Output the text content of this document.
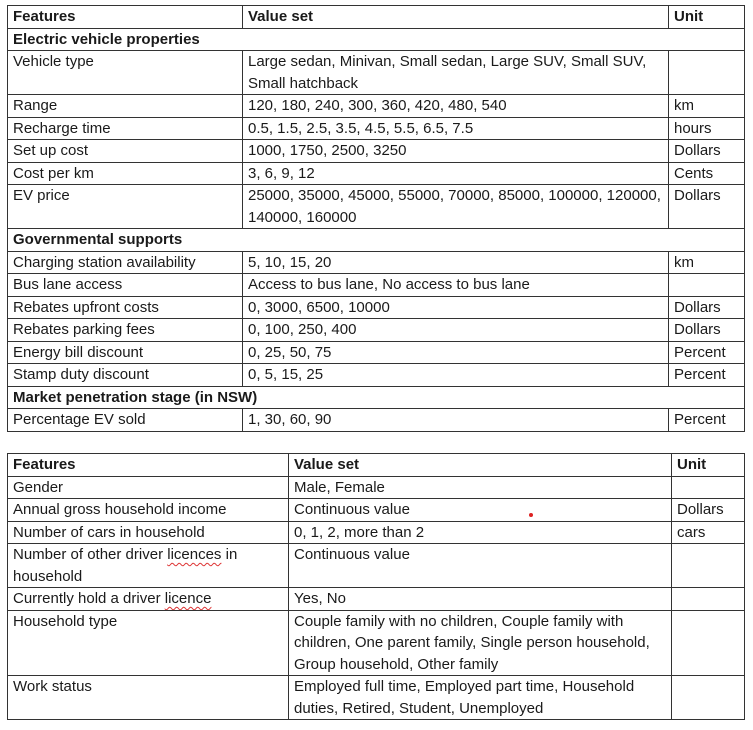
Features	Value set	Unit
Electric vehicle properties		
Vehicle type	Large sedan, Minivan, Small sedan, Large SUV, Small SUV, Small hatchback	
Range	120, 180, 240, 300, 360, 420, 480, 540	km
Recharge time	0.5, 1.5, 2.5, 3.5, 4.5, 5.5, 6.5, 7.5	hours
Set up cost	1000, 1750, 2500, 3250	Dollars
Cost per km	3, 6, 9, 12	Cents
EV price	25000, 35000, 45000, 55000, 70000, 85000, 100000, 120000, 140000, 160000	Dollars
Governmental supports		
Charging station availability	5, 10, 15, 20	km
Bus lane access	Access to bus lane, No access to bus lane	
Rebates upfront costs	0, 3000, 6500, 10000	Dollars
Rebates parking fees	0, 100, 250, 400	Dollars
Energy bill discount	0, 25, 50, 75	Percent
Stamp duty discount	0, 5, 15, 25	Percent
Market penetration stage (in NSW)		
Percentage EV sold	1, 30, 60, 90	Percent
Features	Value set	Unit
Gender	Male, Female	
Annual gross household income	Continuous value	Dollars
Number of cars in household	0, 1, 2, more than 2	cars
Number of other driver licences in household	Continuous value	
Currently hold a driver licence	Yes, No	
Household type	Couple family with no children, Couple family with children, One parent family, Single person household, Group household, Other family	
Work status	Employed full time, Employed part time, Household duties, Retired, Student, Unemployed	
